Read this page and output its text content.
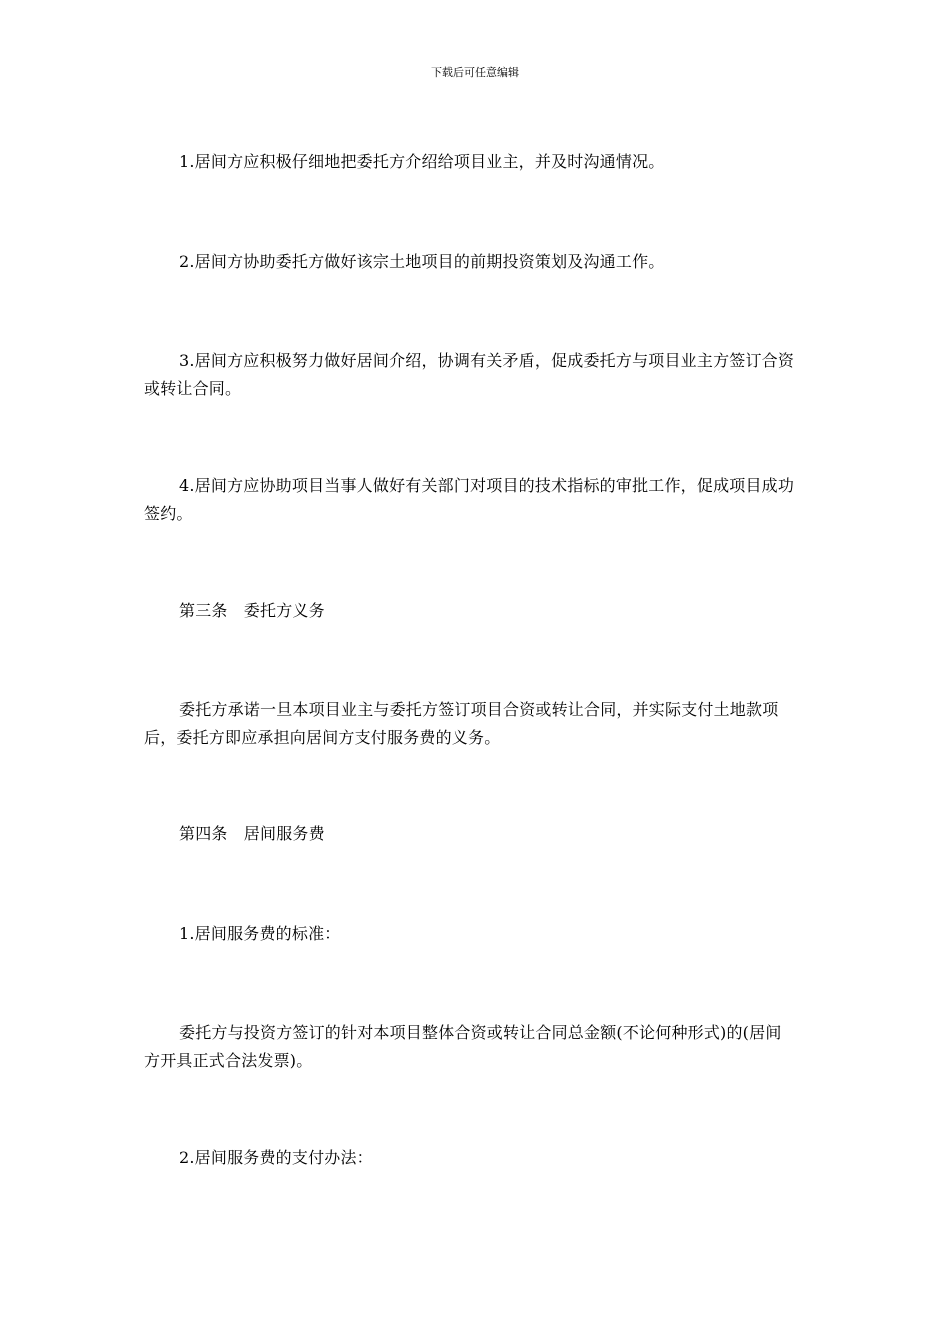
下载后可任意编辑

1.居间方应积极仔细地把委托方介绍给项目业主，并及时沟通情况。

2.居间方协助委托方做好该宗土地项目的前期投资策划及沟通工作。

3.居间方应积极努力做好居间介绍，协调有关矛盾，促成委托方与项目业主方签订合资或转让合同。

4.居间方应协助项目当事人做好有关部门对项目的技术指标的审批工作，促成项目成功签约。

第三条　委托方义务

委托方承诺一旦本项目业主与委托方签订项目合资或转让合同，并实际支付土地款项后，委托方即应承担向居间方支付服务费的义务。

第四条　居间服务费

1.居间服务费的标准：

委托方与投资方签订的针对本项目整体合资或转让合同总金额(不论何种形式)的(居间方开具正式合法发票)。

2.居间服务费的支付办法：
